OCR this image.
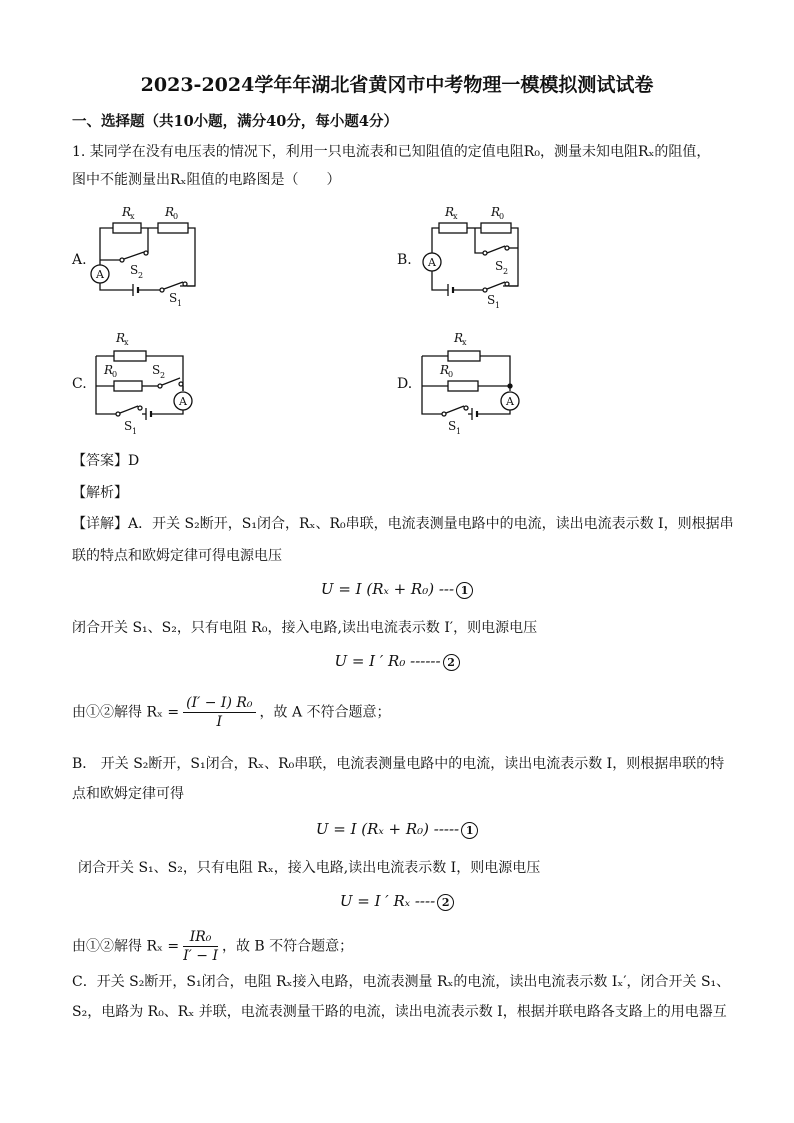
2023-2024学年年湖北省黄冈市中考物理一模模拟测试试卷
一、选择题（共10小题，满分40分，每小题4分）
1. 某同学在没有电压表的情况下，利用一只电流表和已知阻值的定值电阻R₀，测量未知电阻Rₓ的阻值，
图中不能测量出Rₓ阻值的电路图是（　　）
A.	B.
C.	D.
A
R
x	R
0
S 2
S 1
A
R
x	R
0
S 2
S 1
A
R
x
R
0	S 2
S 1
A
R
x
R
0
S 1
【答案】D
【解析】
【详解】A．开关 S₂断开，S₁闭合，Rₓ、R₀串联，电流表测量电路中的电流，读出电流表示数 I，则根据串
联的特点和欧姆定律可得电源电压
U = I (Rₓ + R₀) --- 1
闭合开关 S₁、S₂，只有电阻 R₀，接入电路,读出电流表示数 I′，则电源电压
U = I ′ R₀ ------ 2
由①②解得 $R_x = \frac{\text{(I′ − I) R₀}}{I}$ ，故 A 不符合题意；
B． 开关 S₂断开，S₁闭合，Rₓ、R₀串联，电流表测量电路中的电流，读出电流表示数 I，则根据串联的特
点和欧姆定律可得
U = I (Rₓ + R₀) ----- 1
闭合开关 S₁、S₂，只有电阻 Rₓ，接入电路,读出电流表示数 I，则电源电压
U = I ′ Rₓ ---- 2
由①②解得 $R_x = \frac{\text{IR₀}}{I' - I}$ ，故 B 不符合题意；
C．开关 S₂断开，S₁闭合，电阻 Rₓ接入电路，电流表测量 Rₓ的电流，读出电流表示数 Iₓ′，闭合开关 S₁、
S₂，电路为 R₀、Rₓ 并联，电流表测量干路的电流，读出电流表示数 I，根据并联电路各支路上的用电器互
